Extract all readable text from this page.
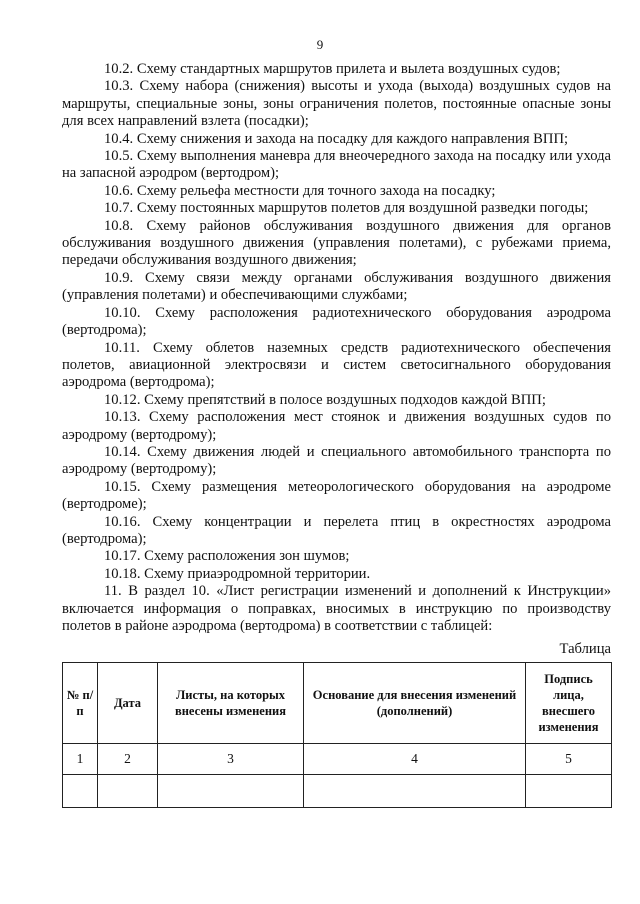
9

10.2. Схему стандартных маршрутов прилета и вылета воздушных судов;

10.3. Схему набора (снижения) высоты и ухода (выхода) воздушных судов на маршруты, специальные зоны, зоны ограничения полетов, постоянные опасные зоны для всех направлений взлета (посадки);

10.4. Схему снижения и захода на посадку для каждого направления ВПП;

10.5. Схему выполнения маневра для внеочередного захода на посадку или ухода на запасной аэродром (вертодром);

10.6. Схему рельефа местности для точного захода на посадку;

10.7. Схему постоянных маршрутов полетов для воздушной разведки погоды;

10.8. Схему районов обслуживания воздушного движения для органов обслуживания воздушного движения (управления полетами), с рубежами приема, передачи обслуживания воздушного движения;

10.9. Схему связи между органами обслуживания воздушного движения (управления полетами) и обеспечивающими службами;

10.10. Схему расположения радиотехнического оборудования аэродрома (вертодрома);

10.11. Схему облетов наземных средств радиотехнического обеспечения полетов, авиационной электросвязи и систем светосигнального оборудования аэродрома (вертодрома);

10.12. Схему препятствий в полосе воздушных подходов каждой ВПП;

10.13. Схему расположения мест стоянок и движения воздушных судов по аэродрому (вертодрому);

10.14. Схему движения людей и специального автомобильного транспорта по аэродрому (вертодрому);

10.15. Схему размещения метеорологического оборудования на аэродроме (вертодроме);

10.16. Схему концентрации и перелета птиц в окрестностях аэродрома (вертодрома);

10.17. Схему расположения зон шумов;

10.18. Схему приаэродромной территории.

11. В раздел 10. «Лист регистрации изменений и дополнений к Инструкции» включается информация о поправках, вносимых в инструкцию по производству полетов в районе аэродрома (вертодрома) в соответствии с таблицей:

Таблица
№ п/п	Дата	Листы, на которых внесены изменения	Основание для внесения изменений (дополнений)	Подпись лица, внесшего изменения
1	2	3	4	5
